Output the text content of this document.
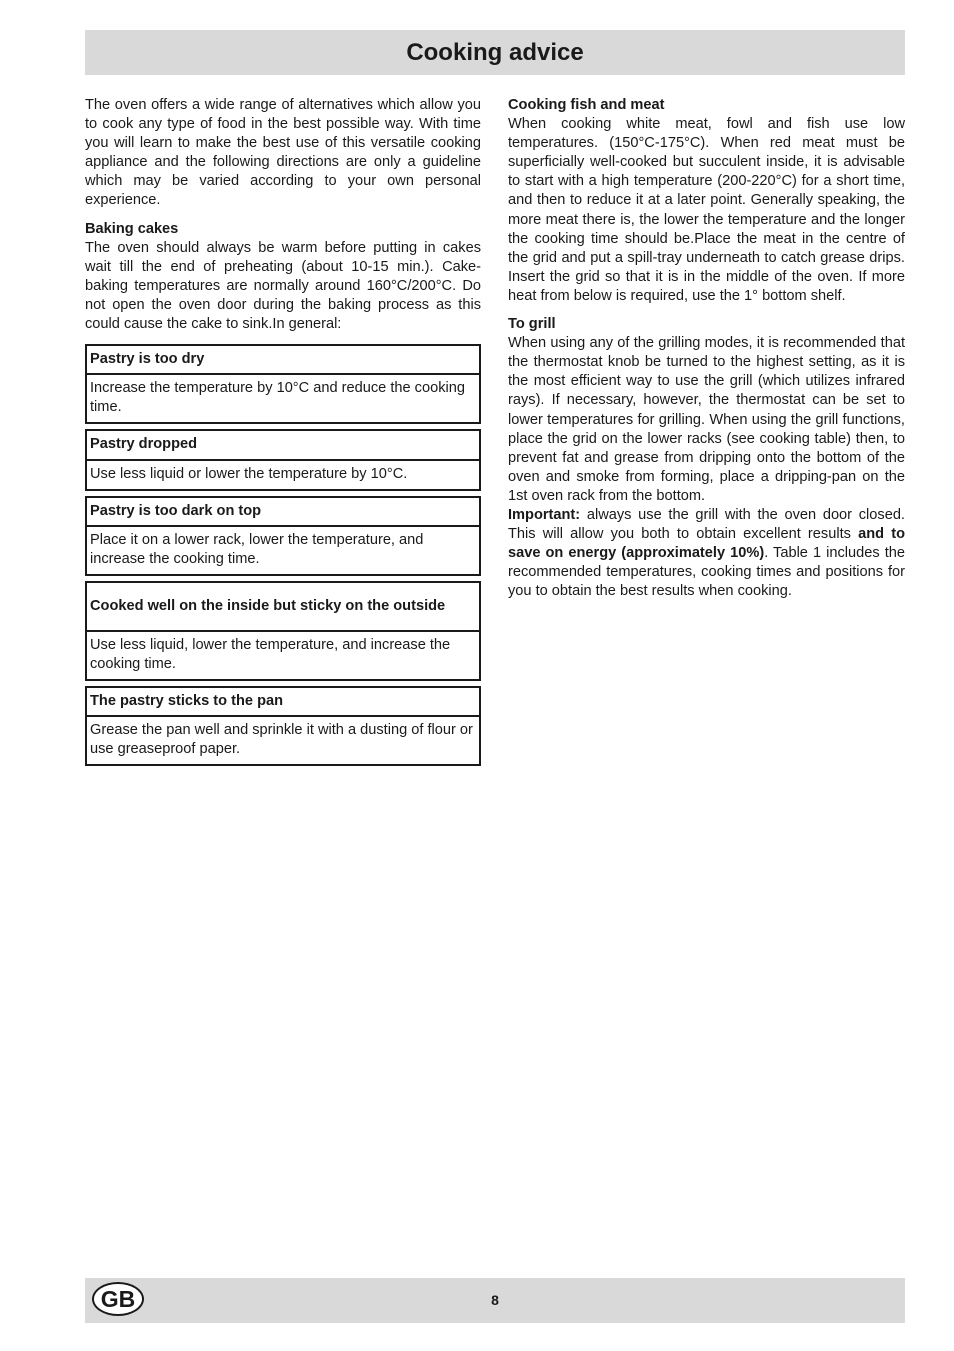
Cooking advice

The oven offers a wide range of alternatives which allow you to cook any type of food in the best possible way. With time you will learn to make the best use of this versatile cooking appliance and the following directions are only a guideline which may be varied according to your own personal experience.

Baking cakes

The oven should always be warm before putting in cakes wait till the end of preheating (about 10-15 min.). Cake-baking temperatures are normally around 160°C/200°C. Do not open the oven door during the baking process as this could cause the cake to sink.In general:

Pastry is too dry
Increase the temperature by 10°C and reduce the cooking time.
Pastry dropped
Use less liquid or lower the temperature by 10°C.
Pastry is too dark on top
Place it on a lower rack, lower the temperature, and increase the cooking time.
Cooked well on the inside but sticky on the outside
Use less liquid, lower the temperature, and increase the cooking time.
The pastry sticks to the pan
Grease the pan well and sprinkle it with a dusting of flour or use greaseproof paper.

Cooking fish and meat

When cooking white meat, fowl and fish use low temperatures. (150°C-175°C). When red meat must be superficially well-cooked but succulent inside, it is advisable to start with a high temperature (200-220°C) for a short time, and then to reduce it at a later point. Generally speaking, the more meat there is, the lower the temperature and the longer the cooking time should be.Place the meat in the centre of the grid and put a spill-tray underneath to catch grease drips. Insert the grid so that it is in the middle of the oven. If more heat from below is required, use the 1° bottom shelf.

To grill

When using any of the grilling modes, it is recommended that the thermostat knob be turned to the highest setting, as it is the most efficient way to use the grill (which utilizes infrared rays). If necessary, however, the thermostat can be set to lower temperatures for grilling. When using the grill functions, place the grid on the lower racks (see cooking table) then, to prevent fat and grease from dripping onto the bottom of the oven and smoke from forming, place a dripping-pan on the 1st oven rack from the bottom.

Important: always use the grill with the oven door closed. This will allow you both to obtain excellent results and to save on energy (approximately 10%). Table 1 includes the recommended temperatures, cooking times and positions for you to obtain the best results when cooking.

GB	8
